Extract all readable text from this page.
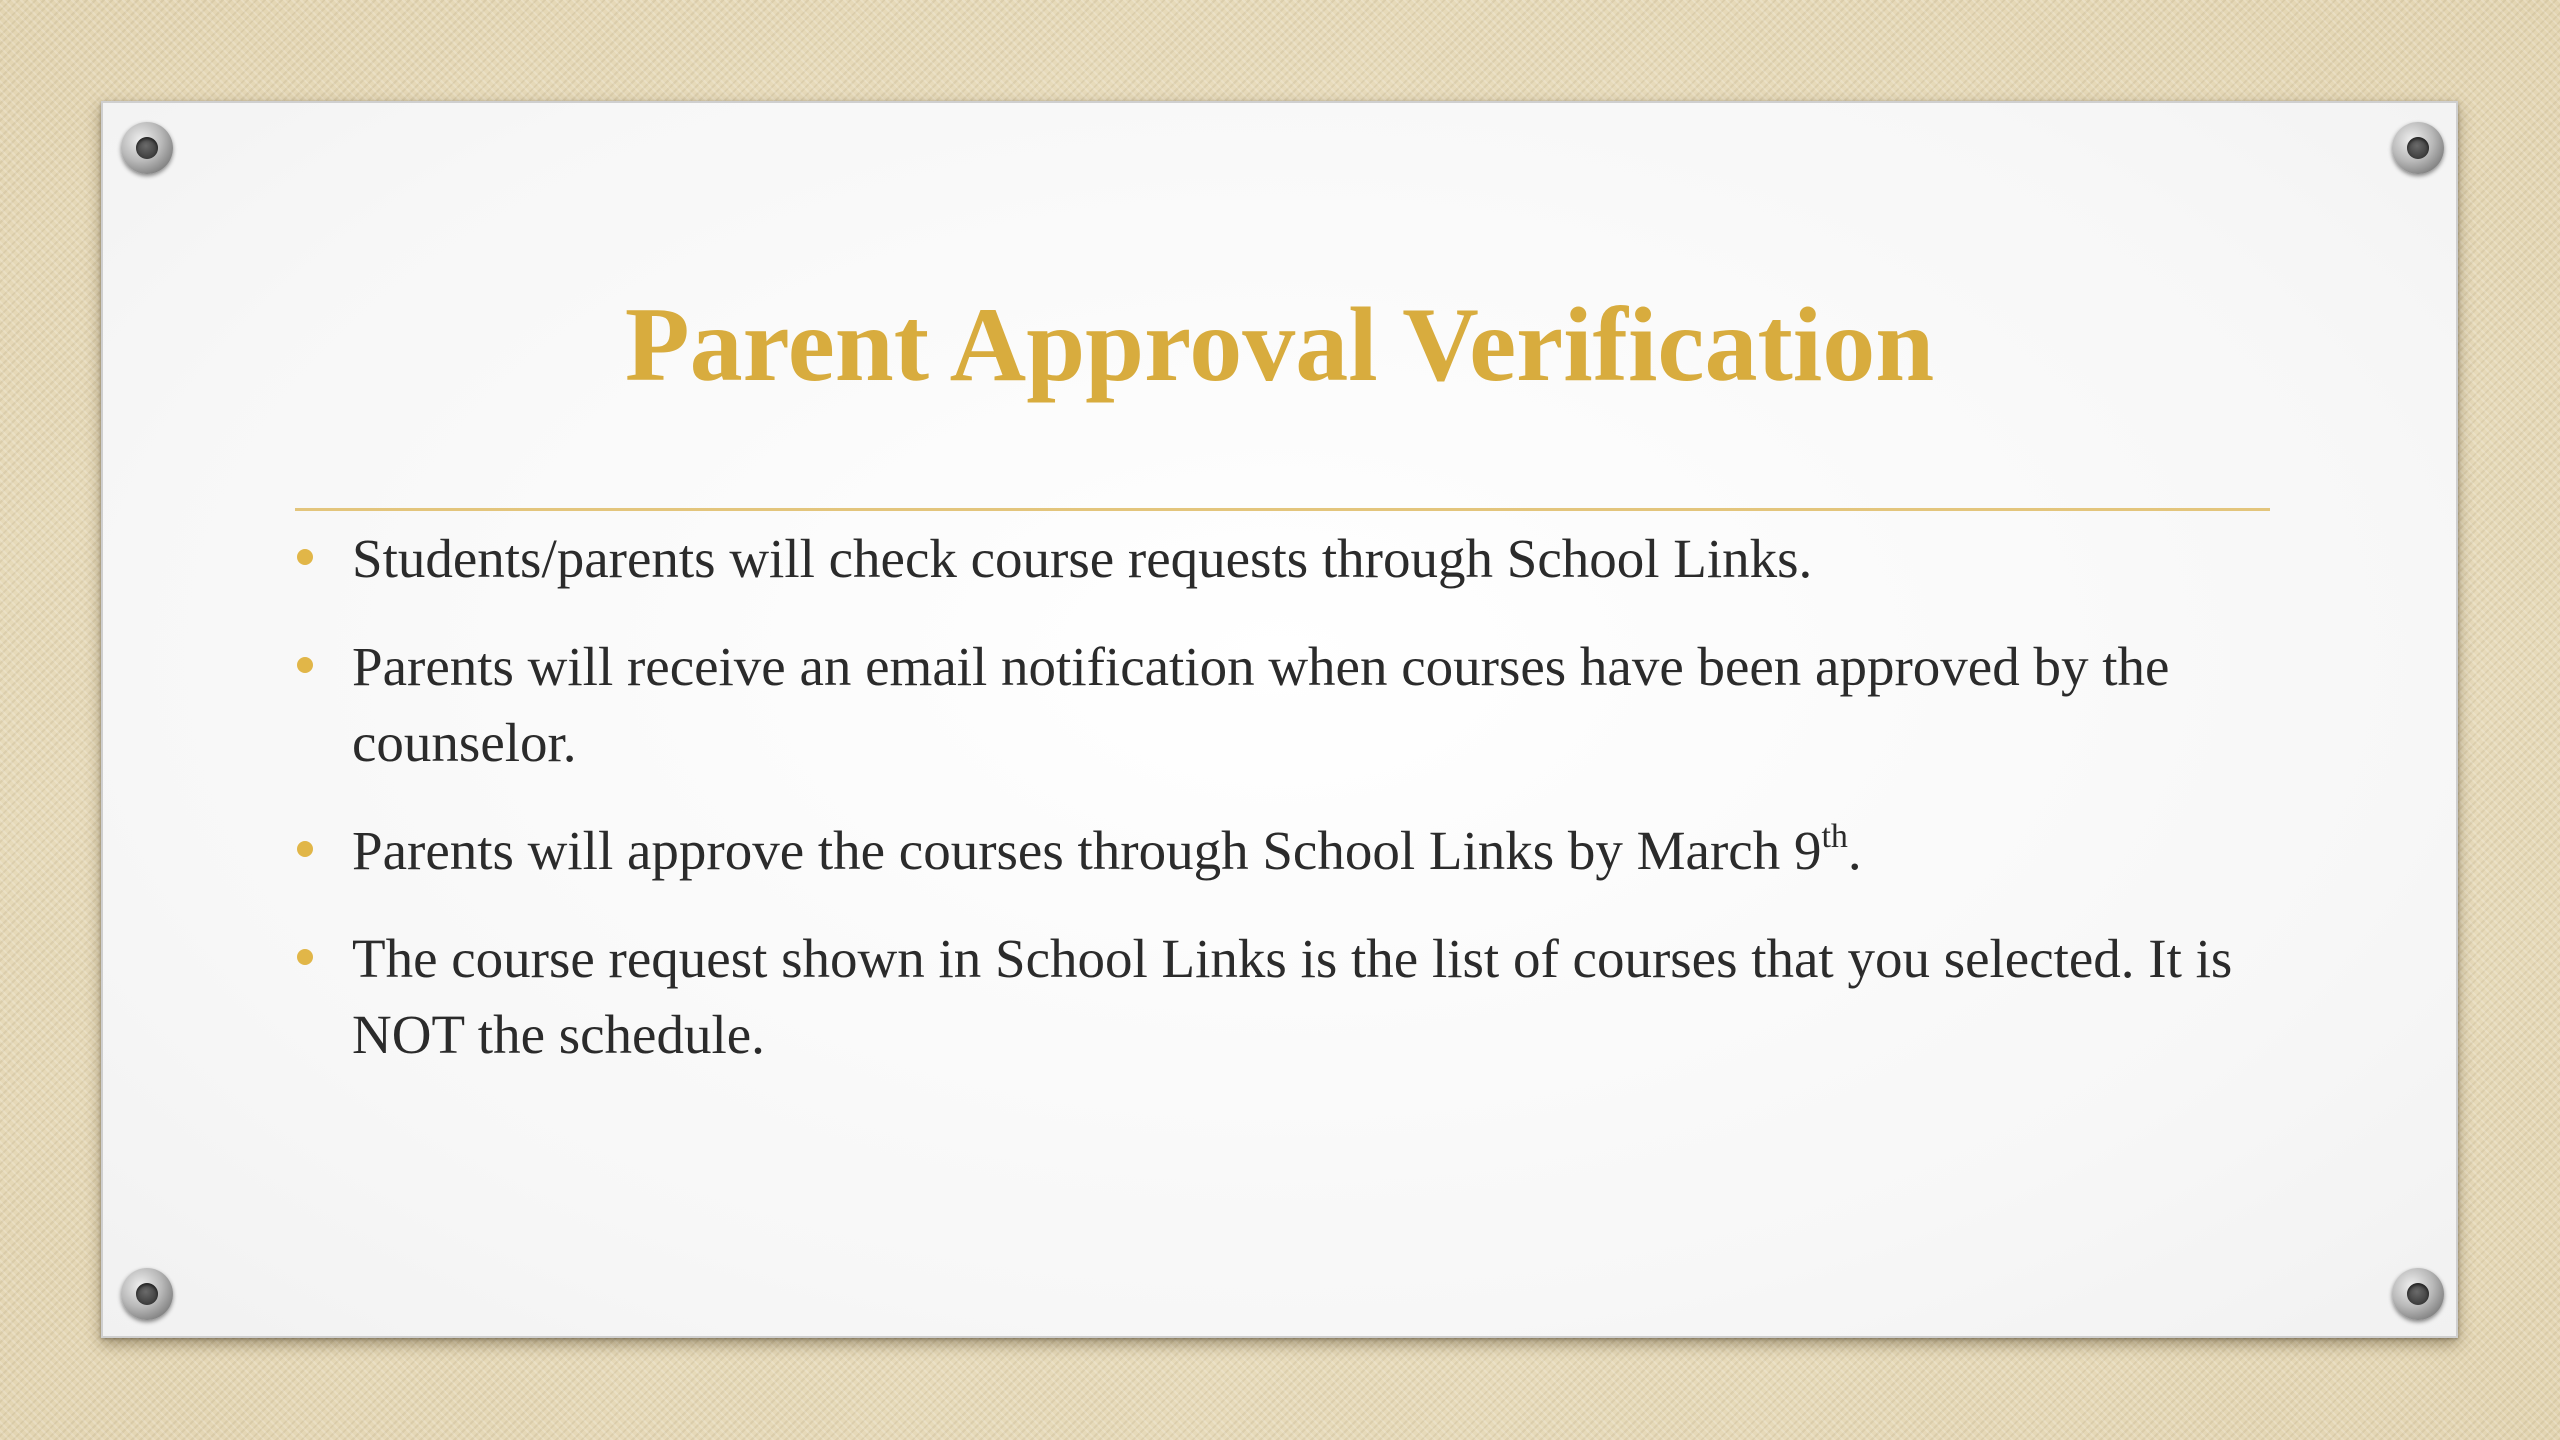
Parent Approval Verification
Students/parents will check course requests through School Links.
Parents will receive an email notification when courses have been approved by the counselor.
Parents will approve the courses through School Links by March 9th.
The course request shown in School Links is the list of courses that you selected. It is NOT the schedule.
